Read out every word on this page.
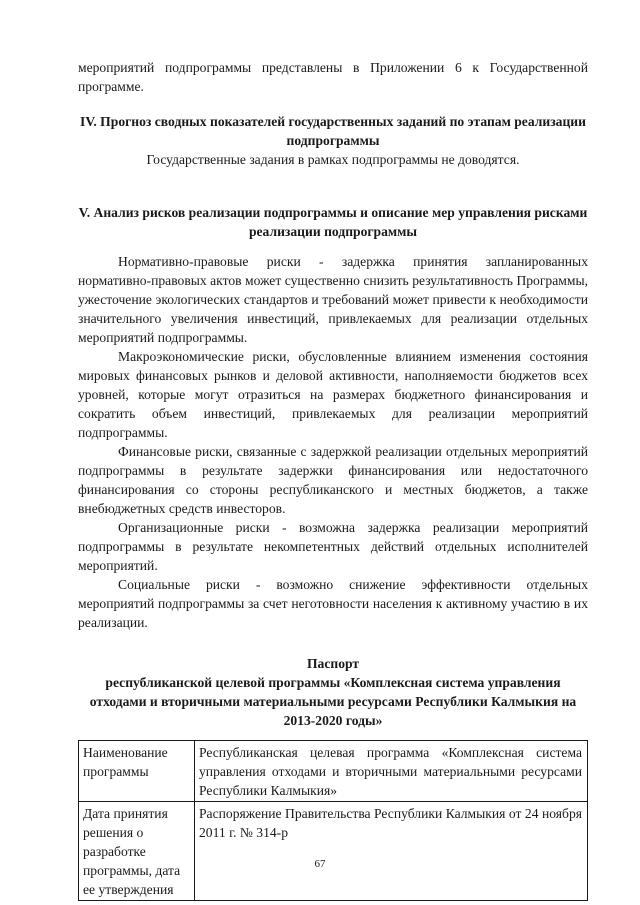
мероприятий подпрограммы представлены в Приложении 6 к Государственной программе.

IV. Прогноз сводных показателей государственных заданий по этапам реализации подпрограммы

Государственные задания в рамках подпрограммы не доводятся.

V. Анализ рисков реализации подпрограммы и описание мер управления рисками реализации подпрограммы

Нормативно-правовые риски - задержка принятия запланированных нормативно-правовых актов может существенно снизить результативность Программы, ужесточение экологических стандартов и требований может привести к необходимости значительного увеличения инвестиций, привлекаемых для реализации отдельных мероприятий подпрограммы.

Макроэкономические риски, обусловленные влиянием изменения состояния мировых финансовых рынков и деловой активности, наполняемости бюджетов всех уровней, которые могут отразиться на размерах бюджетного финансирования и сократить объем инвестиций, привлекаемых для реализации мероприятий подпрограммы.

Финансовые риски, связанные с задержкой реализации отдельных мероприятий подпрограммы в результате задержки финансирования или недостаточного финансирования со стороны республиканского и местных бюджетов, а также внебюджетных средств инвесторов.

Организационные риски - возможна задержка реализации мероприятий подпрограммы в результате некомпетентных действий отдельных исполнителей мероприятий.

Социальные риски - возможно снижение эффективности отдельных мероприятий подпрограммы за счет неготовности населения к активному участию в их реализации.

Паспорт
республиканской целевой программы «Комплексная система управления отходами и вторичными материальными ресурсами Республики Калмыкия на 2013-2020 годы»
Наименование программы	Республиканская целевая программа «Комплексная система управления отходами и вторичными материальными ресурсами Республики Калмыкия»
Дата принятия решения о разработке программы, дата ее утверждения	Распоряжение Правительства Республики Калмыкия от 24 ноября 2011 г. № 314-р
67
